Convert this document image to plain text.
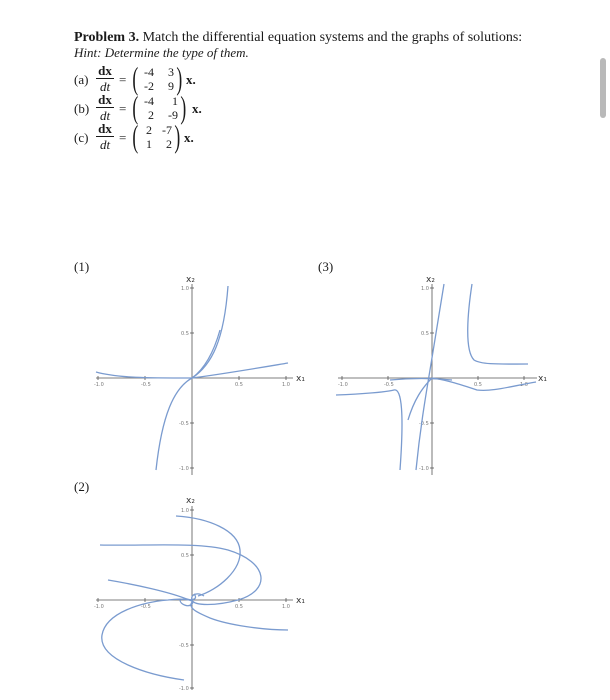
Problem 3. Match the differential equation systems and the graphs of solutions:
Hint: Determine the type of them.
(a)
dx
dt = ( -4	3
-2	9 ) x.
(b)
dx
dt = ( -4	1
2	-9 ) x.
(c)
dx
dt = ( 2 -7
1	2 ) x.
(1)	(3)
(2)
-1.0	-0.5	0.5	1.0
1.0
0.5
-0.5
-1.0
x₂
x₁
-1.0	-0.5	0.5	1.0
1.0
0.5
-0.5
-1.0
x₂
x₁
-1.0	-0.5	0.5	1.0
1.0
0.5
-0.5
-1.0
x₂
x₁
